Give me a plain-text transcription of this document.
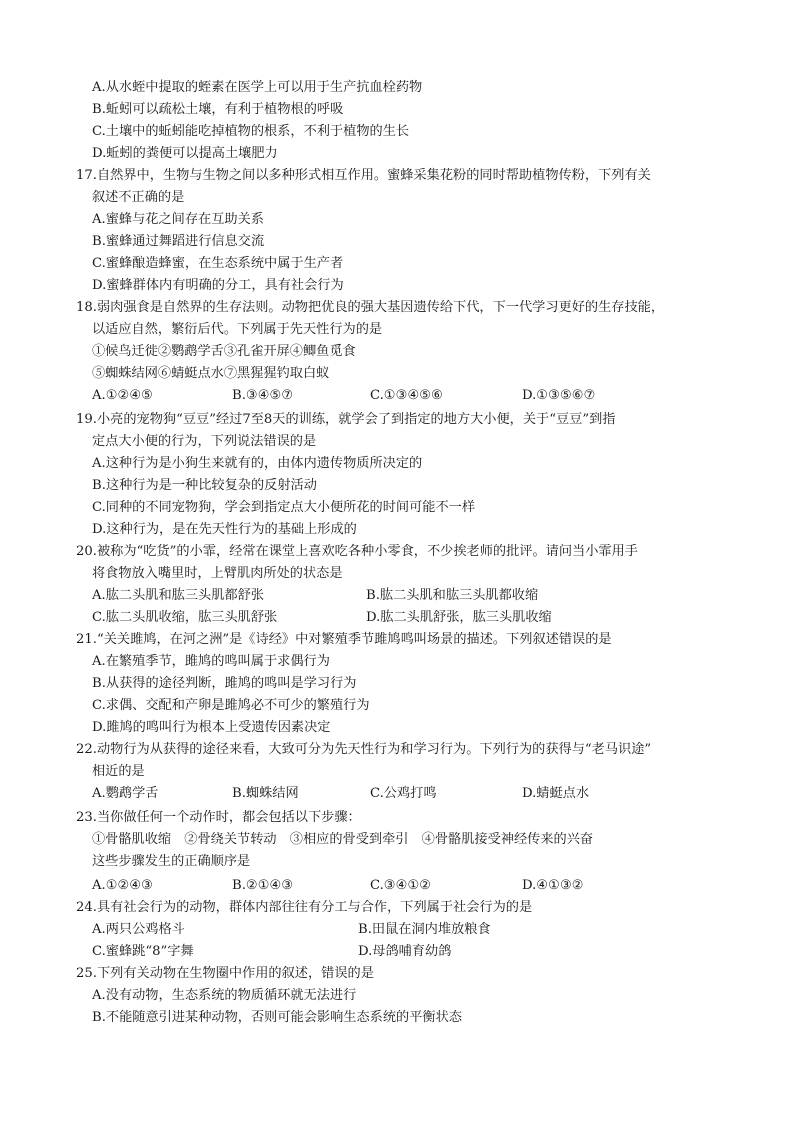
A.从水蛭中提取的蛭素在医学上可以用于生产抗血栓药物
B.蚯蚓可以疏松土壤，有利于植物根的呼吸
C.土壤中的蚯蚓能吃掉植物的根系，不利于植物的生长
D.蚯蚓的粪便可以提高土壤肥力
17.自然界中，生物与生物之间以多种形式相互作用。蜜蜂采集花粉的同时帮助植物传粉，下列有关
叙述不正确的是
A.蜜蜂与花之间存在互助关系
B.蜜蜂通过舞蹈进行信息交流
C.蜜蜂酿造蜂蜜，在生态系统中属于生产者
D.蜜蜂群体内有明确的分工，具有社会行为
18.弱肉强食是自然界的生存法则。动物把优良的强大基因遗传给下代，下一代学习更好的生存技能，
以适应自然，繁衍后代。下列属于先天性行为的是
①候鸟迁徙②鹦鹉学舌③孔雀开屏④鲫鱼觅食
⑤蜘蛛结网⑥蜻蜓点水⑦黑猩猩钓取白蚁
A.①②④⑤	B.③④⑤⑦	C.①③④⑤⑥	D.①③⑤⑥⑦
19.小亮的宠物狗“豆豆”经过7至8天的训练，就学会了到指定的地方大小便，关于“豆豆”到指
定点大小便的行为，下列说法错误的是
A.这种行为是小狗生来就有的，由体内遗传物质所决定的
B.这种行为是一种比较复杂的反射活动
C.同种的不同宠物狗，学会到指定点大小便所花的时间可能不一样
D.这种行为，是在先天性行为的基础上形成的
20.被称为“吃货”的小霏，经常在课堂上喜欢吃各种小零食，不少挨老师的批评。请问当小霏用手
将食物放入嘴里时，上臂肌肉所处的状态是
A.肱二头肌和肱三头肌都舒张	B.肱二头肌和肱三头肌都收缩
C.肱二头肌收缩，肱三头肌舒张	D.肱二头肌舒张，肱三头肌收缩
21.“关关雎鸠，在河之洲”是《诗经》中对繁殖季节雎鸠鸣叫场景的描述。下列叙述错误的是
A.在繁殖季节，雎鸠的鸣叫属于求偶行为
B.从获得的途径判断，雎鸠的鸣叫是学习行为
C.求偶、交配和产卵是雎鸠必不可少的繁殖行为
D.雎鸠的鸣叫行为根本上受遗传因素决定
22.动物行为从获得的途径来看，大致可分为先天性行为和学习行为。下列行为的获得与“老马识途”
相近的是
A.鹦鹉学舌	B.蜘蛛结网	C.公鸡打鸣	D.蜻蜓点水
23.当你做任何一个动作时，都会包括以下步骤：
①骨骼肌收缩　②骨绕关节转动　③相应的骨受到牵引　④骨骼肌接受神经传来的兴奋
这些步骤发生的正确顺序是
A.①②④③	B.②①④③	C.③④①②	D.④①③②
24.具有社会行为的动物，群体内部往往有分工与合作，下列属于社会行为的是
A.两只公鸡格斗	B.田鼠在洞内堆放粮食
C.蜜蜂跳“8”字舞	D.母鸽哺育幼鸽
25.下列有关动物在生物圈中作用的叙述，错误的是
A.没有动物，生态系统的物质循环就无法进行
B.不能随意引进某种动物，否则可能会影响生态系统的平衡状态
